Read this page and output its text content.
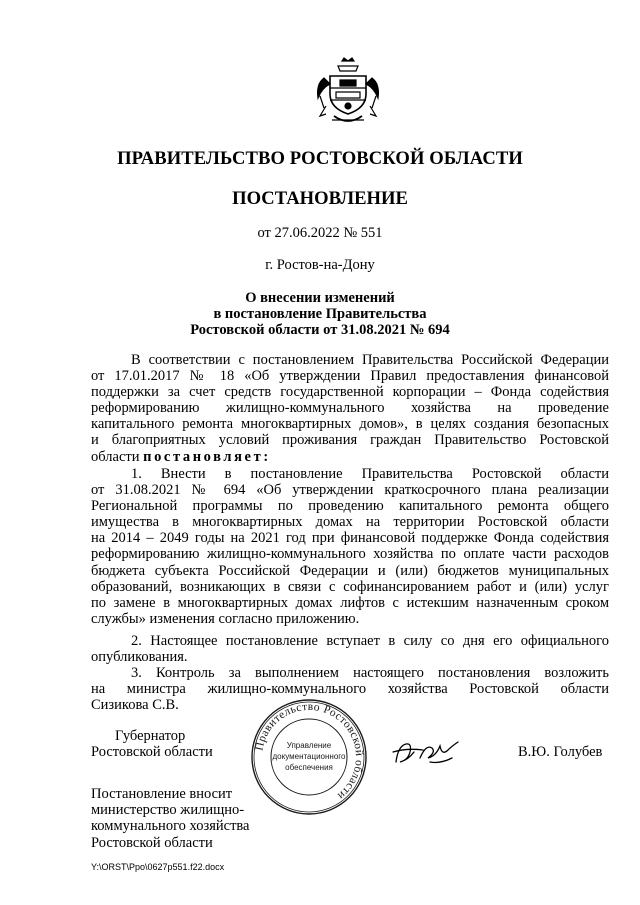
ПРАВИТЕЛЬСТВО РОСТОВСКОЙ ОБЛАСТИ
ПОСТАНОВЛЕНИЕ
от 27.06.2022 № 551
г. Ростов-на-Дону
О внесении изменений
в постановление Правительства
Ростовской области от 31.08.2021 № 694
В соответствии с постановлением Правительства Российской Федерации
от 17.01.2017 № 18 «Об утверждении Правил предоставления финансовой
поддержки за счет средств государственной корпорации – Фонда содействия
реформированию жилищно-коммунального хозяйства на проведение
капитального ремонта многоквартирных домов», в целях создания безопасных
и благоприятных условий проживания граждан Правительство Ростовской
области постановляет:
1. Внести в постановление Правительства Ростовской области
от 31.08.2021 № 694 «Об утверждении краткосрочного плана реализации
Региональной программы по проведению капитального ремонта общего
имущества в многоквартирных домах на территории Ростовской области
на 2014 – 2049 годы на 2021 год при финансовой поддержке Фонда содействия
реформированию жилищно-коммунального хозяйства по оплате части расходов
бюджета субъекта Российской Федерации и (или) бюджетов муниципальных
образований, возникающих в связи с софинансированием работ и (или) услуг
по замене в многоквартирных домах лифтов с истекшим назначенным сроком
службы» изменения согласно приложению.
2. Настоящее постановление вступает в силу со дня его официального
опубликования.
3. Контроль за выполнением настоящего постановления возложить
на министра жилищно-коммунального хозяйства Ростовской области
Сизикова С.В.
Губернатор
Ростовской области	Правительство Ростовской области
Управление
документационного
обеспечения
В.Ю. Голубев
Постановление вносит
министерство жилищно-
коммунального хозяйства
Ростовской области
Y:\ORST\Ppo\0627p551.f22.docx
